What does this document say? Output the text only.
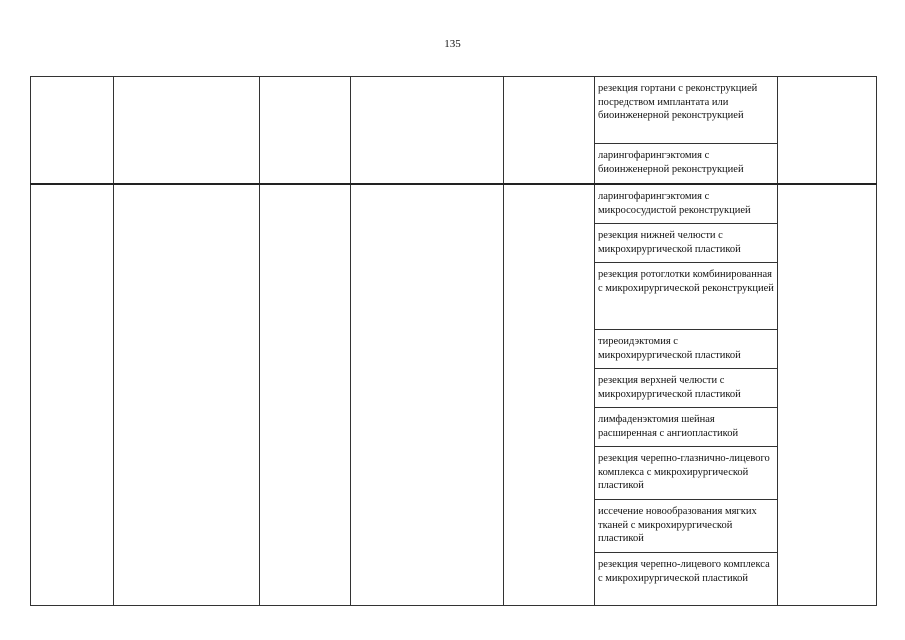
135
					резекция гортани с реконструкцией посредством имплантата или биоинженерной реконструкцией	
					ларингофарингэктомия с биоинженерной реконструкцией	
					ларингофарингэктомия с микрососудистой реконструкцией	
					резекция нижней челюсти с микрохирургической пластикой	
					резекция ротоглотки комбинированная с микрохирургической реконструкцией	
					тиреоидэктомия с микрохирургической пластикой	
					резекция верхней челюсти с микрохирургической пластикой	
					лимфаденэктомия шейная расширенная с ангиопластикой	
					резекция черепно-глазнично-лицевого комплекса с микрохирургической пластикой	
					иссечение новообразования мягких тканей с микрохирургической пластикой	
					резекция черепно-лицевого комплекса с микрохирургической пластикой	
